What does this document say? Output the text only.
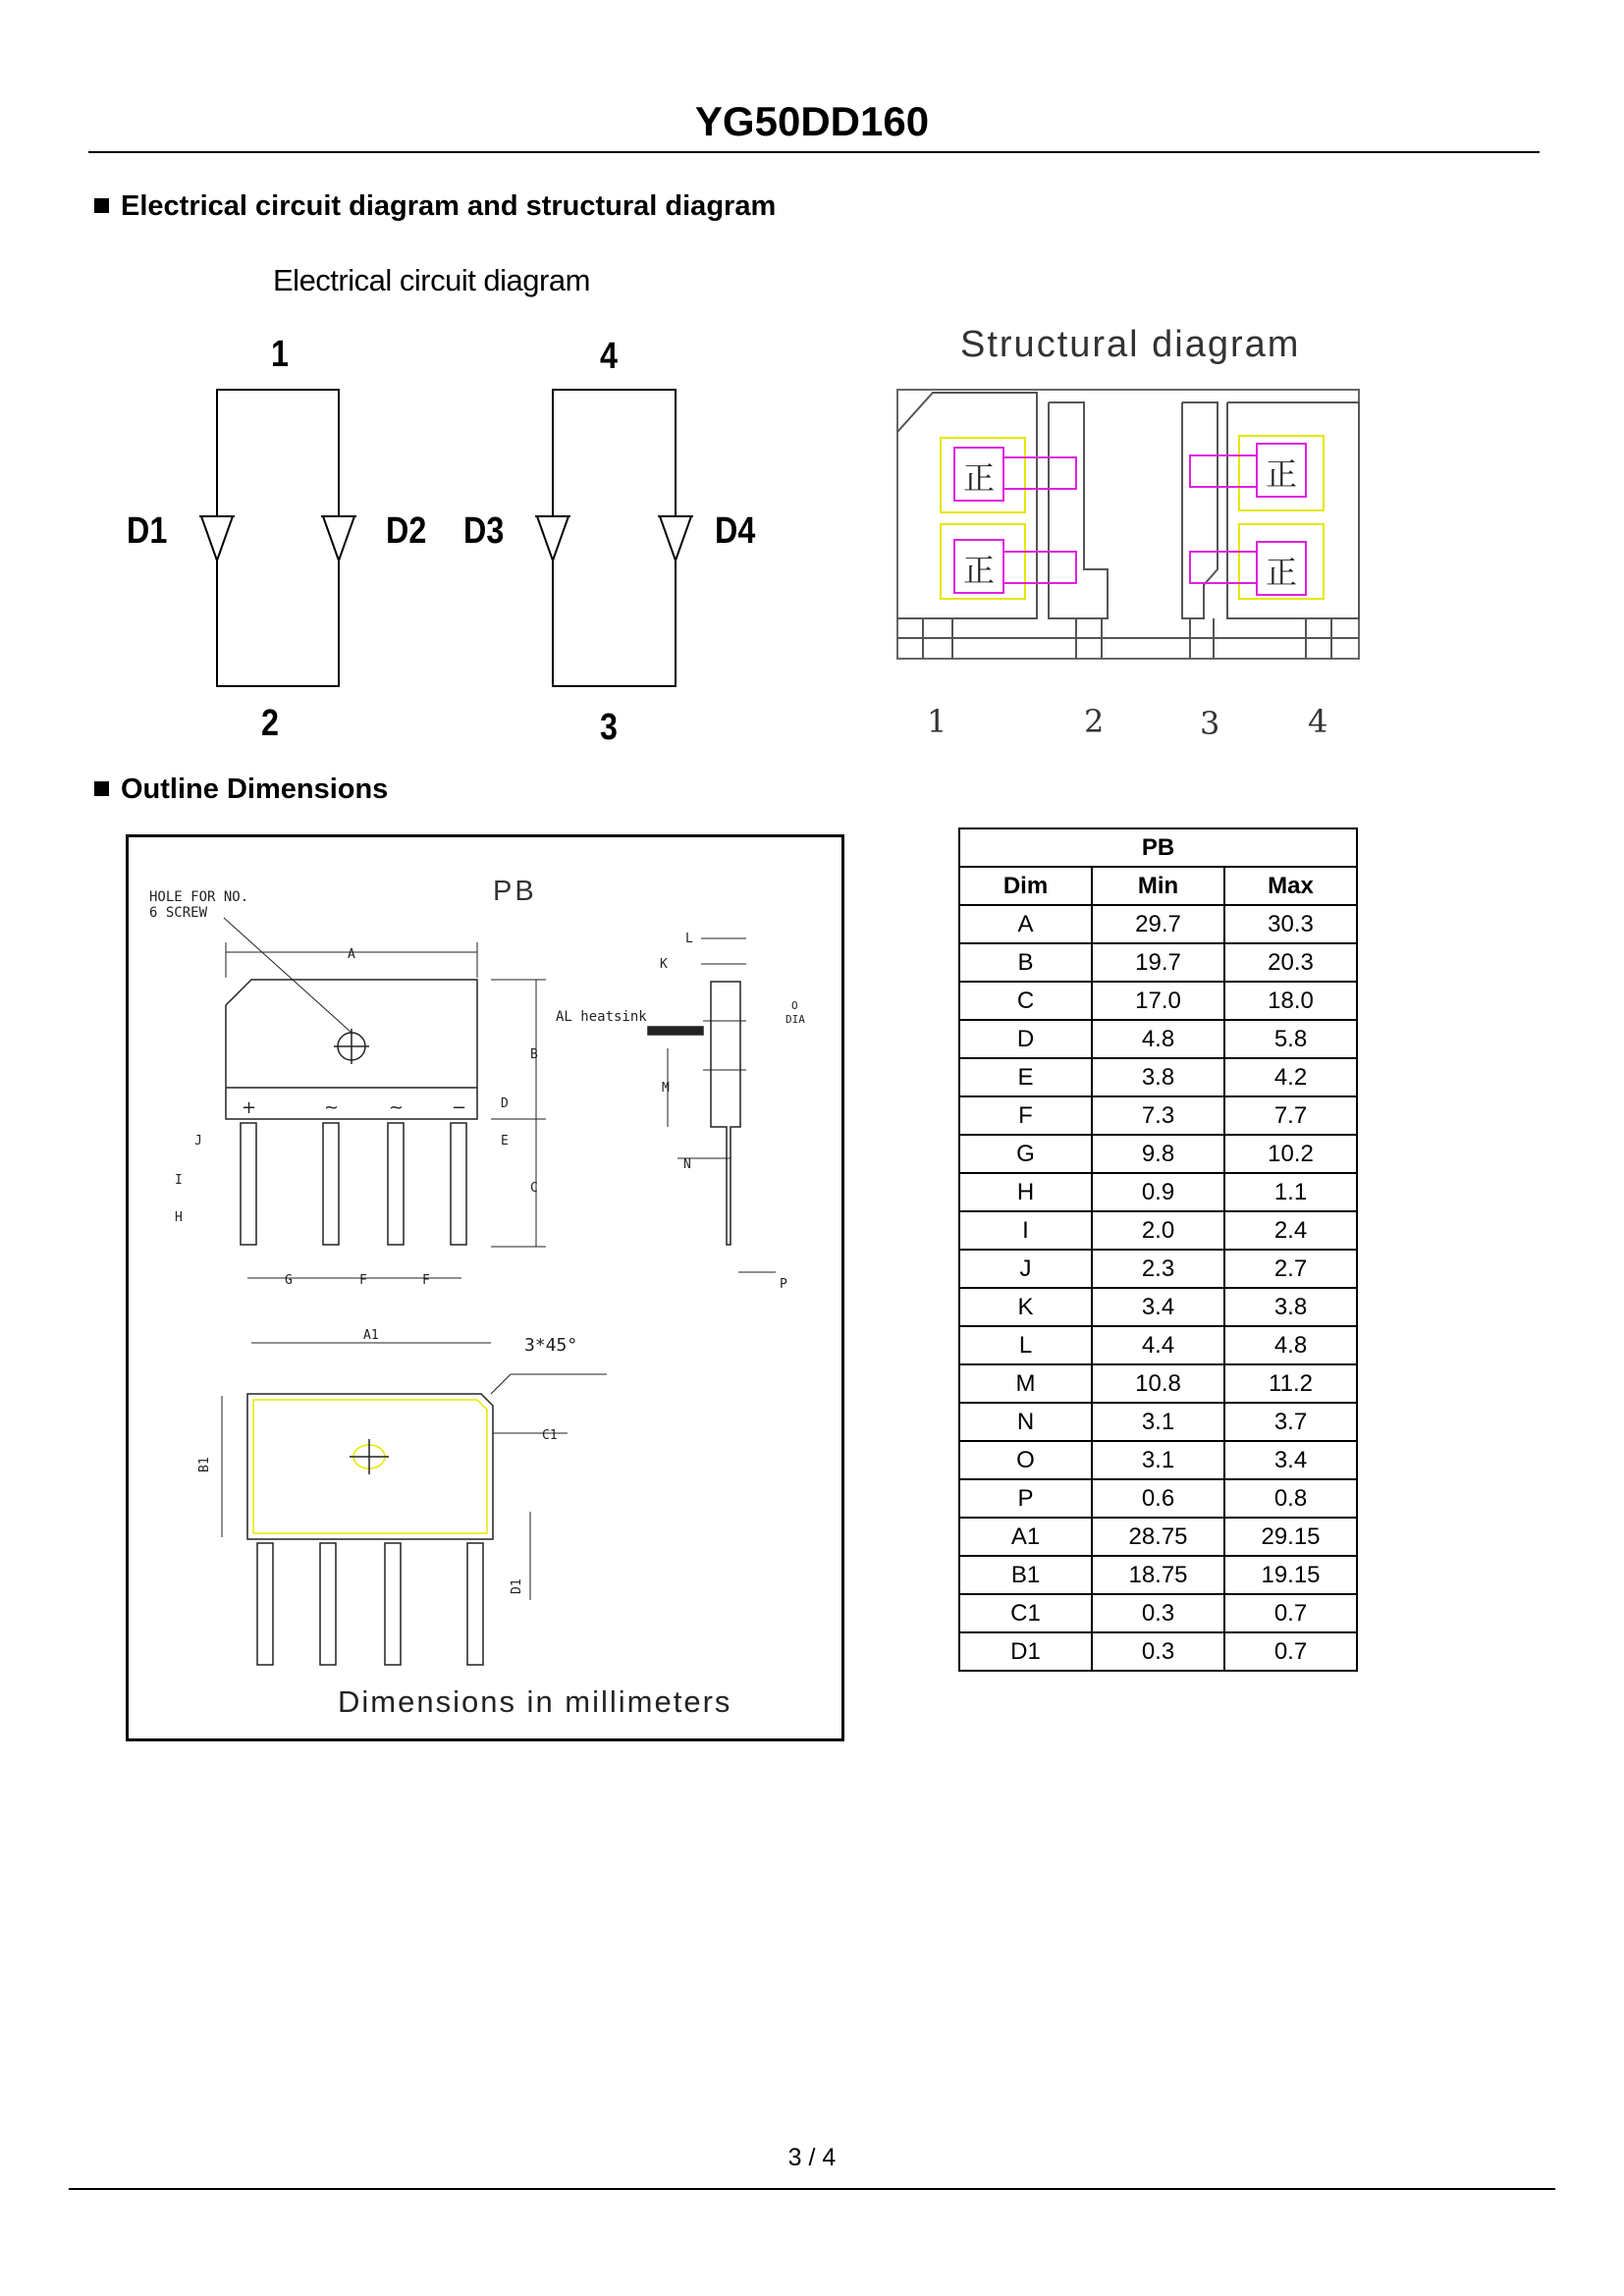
YG50DD160
Electrical circuit diagram and structural diagram
Electrical circuit diagram
Structural diagram
正
正
正
正
1	4
2	3
D1	D2 D3	D4
1	2	3	4
Outline Dimensions
PB
HOLE FOR NO.
6 SCREW
AL heatsink
3*45°
O
DIA
A
B
C
D
E
F	F
G
H
I
J
K
L
M
N
P
A1
B1
C1
D1
+	~	~	−
Dimensions in millimeters
PB		
Dim	Min	Max
A	29.7	30.3
B	19.7	20.3
C	17.0	18.0
D	4.8	5.8
E	3.8	4.2
F	7.3	7.7
G	9.8	10.2
H	0.9	1.1
I	2.0	2.4
J	2.3	2.7
K	3.4	3.8
L	4.4	4.8
M	10.8	11.2
N	3.1	3.7
O	3.1	3.4
P	0.6	0.8
A1	28.75	29.15
B1	18.75	19.15
C1	0.3	0.7
D1	0.3	0.7
3 / 4
